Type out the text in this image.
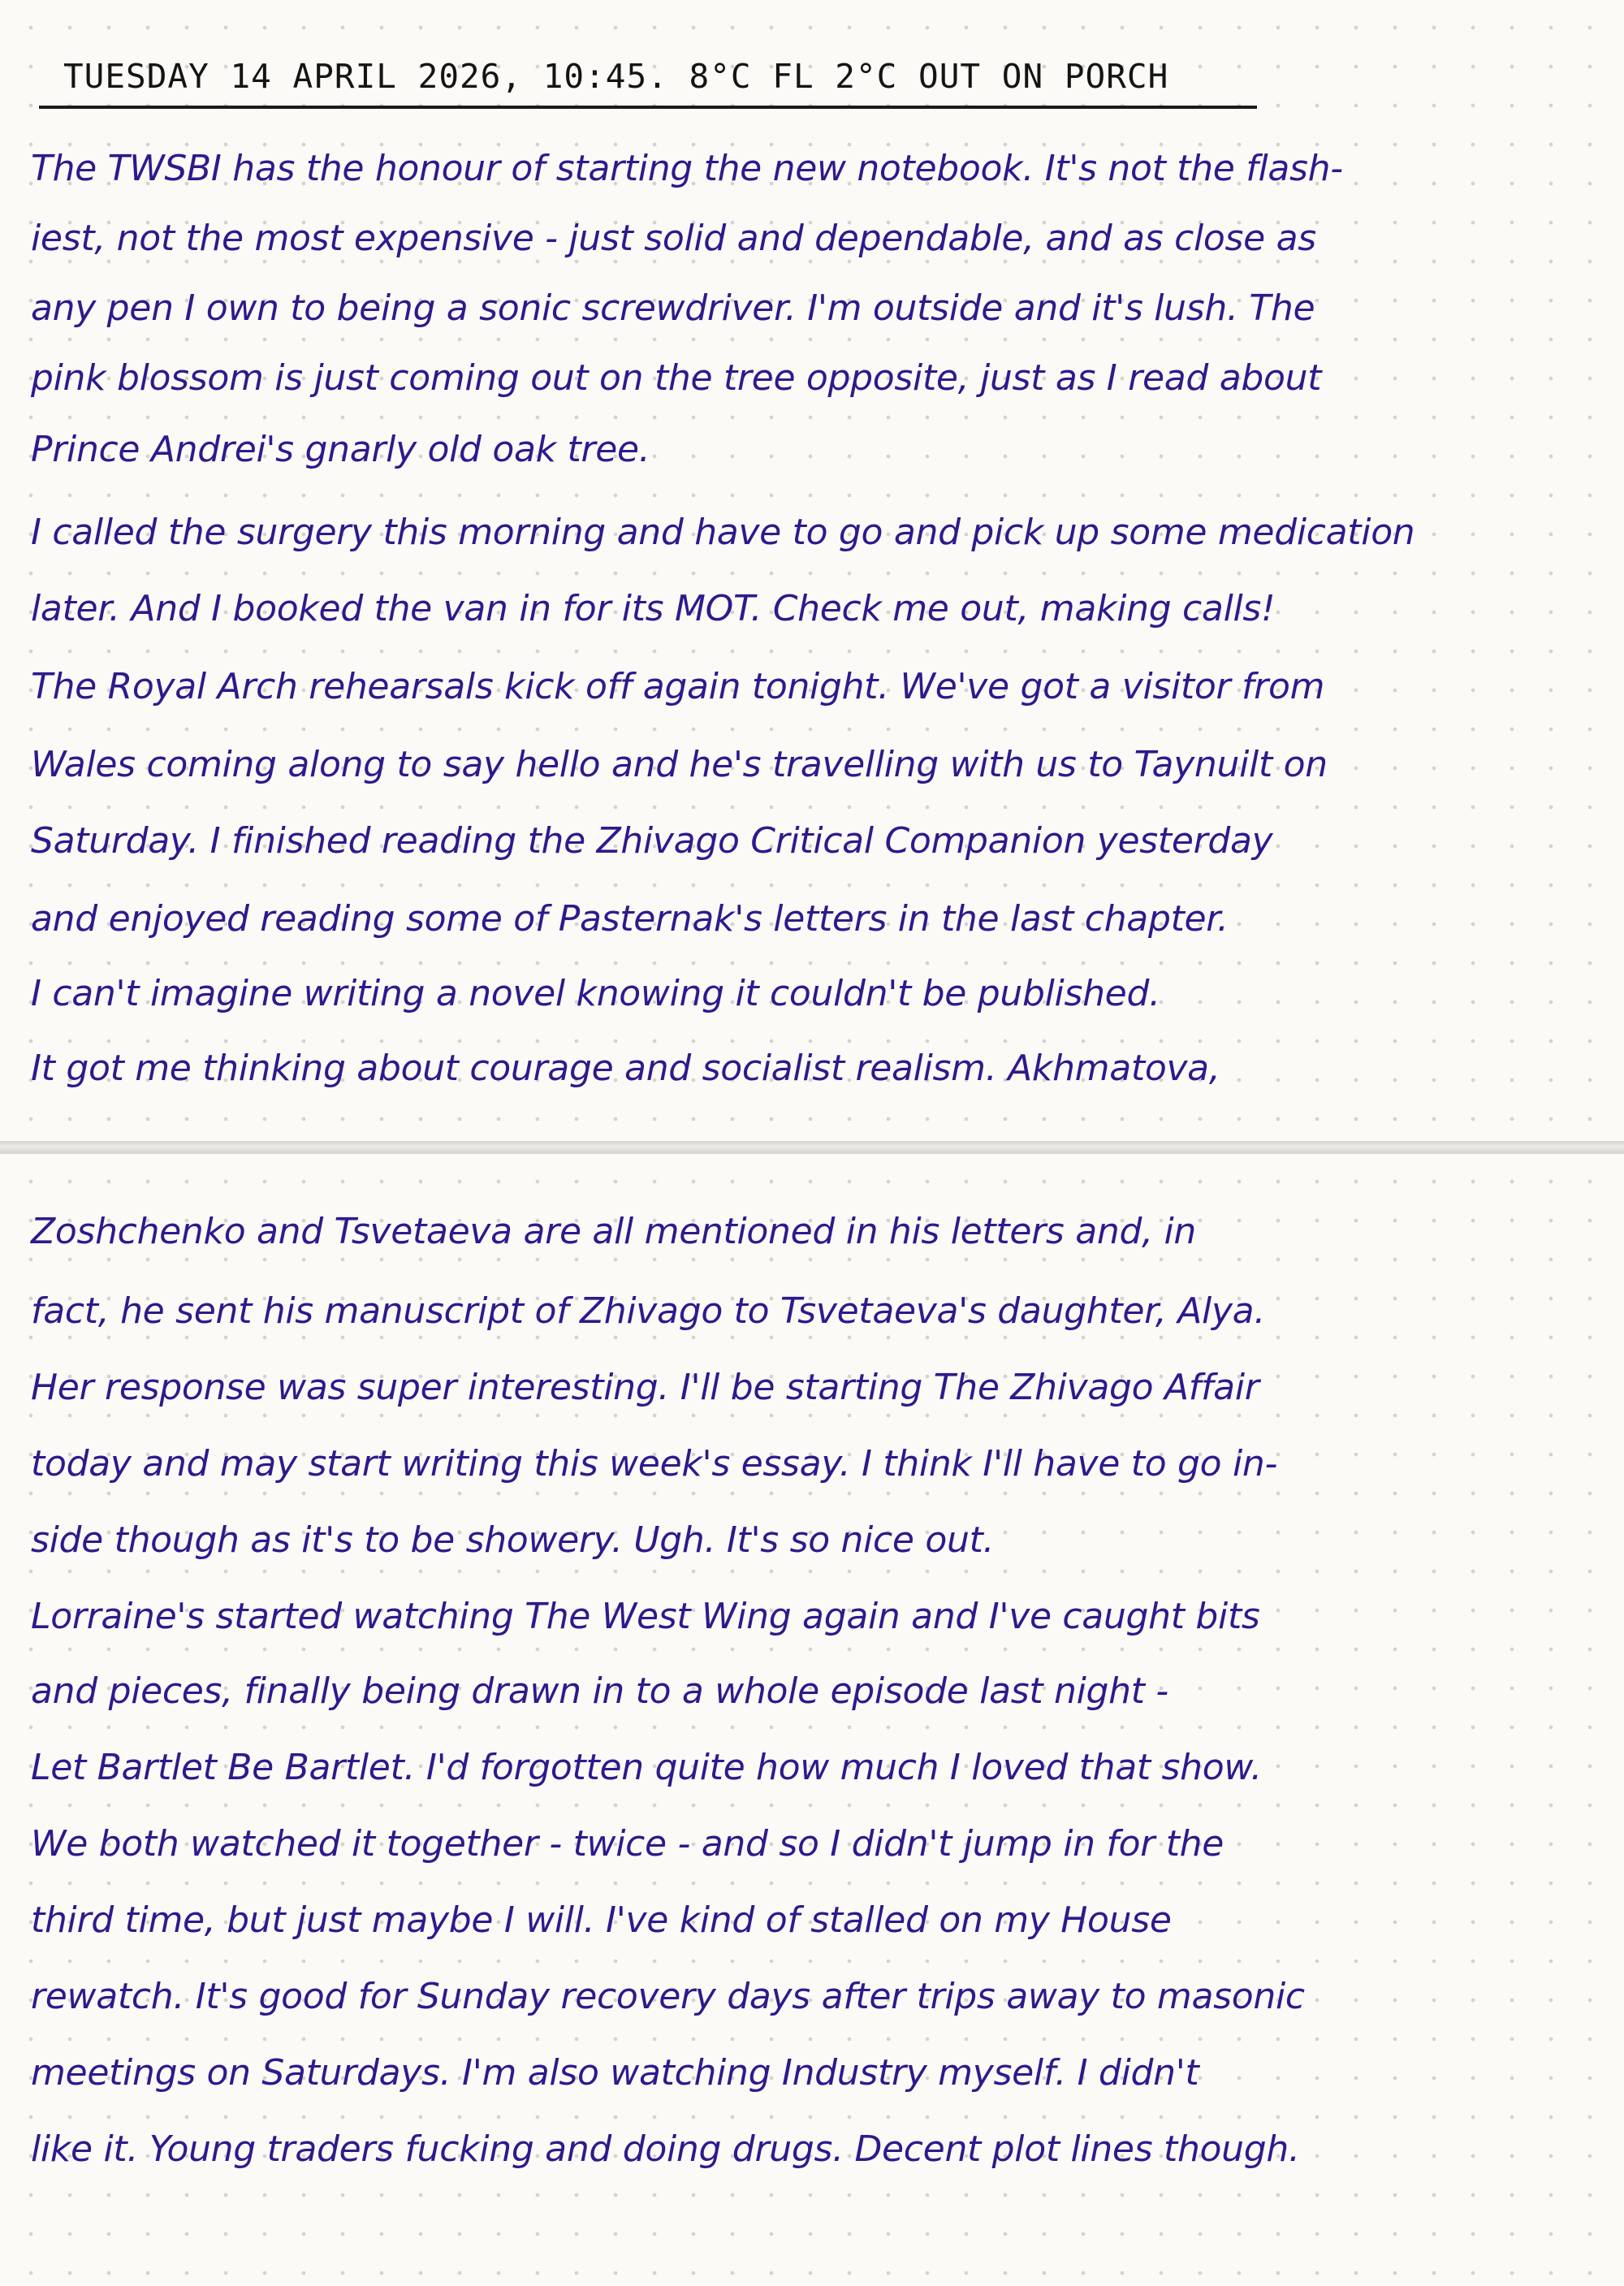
TUESDAY 14 APRIL 2026, 10:45. 8°C FL 2°C OUT ON PORCH
The TWSBI has the honour of starting the new notebook. It's not the flash-
iest, not the most expensive - just solid and dependable, and as close as
any pen I own to being a sonic screwdriver. I'm outside and it's lush. The
pink blossom is just coming out on the tree opposite, just as I read about
Prince Andrei's gnarly old oak tree.
I called the surgery this morning and have to go and pick up some medication
later. And I booked the van in for its MOT. Check me out, making calls!
The Royal Arch rehearsals kick off again tonight. We've got a visitor from
Wales coming along to say hello and he's travelling with us to Taynuilt on
Saturday. I finished reading the Zhivago Critical Companion yesterday
and enjoyed reading some of Pasternak's letters in the last chapter.
I can't imagine writing a novel knowing it couldn't be published.
It got me thinking about courage and socialist realism. Akhmatova,
Zoshchenko and Tsvetaeva are all mentioned in his letters and, in
fact, he sent his manuscript of Zhivago to Tsvetaeva's daughter, Alya.
Her response was super interesting. I'll be starting The Zhivago Affair
today and may start writing this week's essay. I think I'll have to go in-
side though as it's to be showery. Ugh. It's so nice out.
Lorraine's started watching The West Wing again and I've caught bits
and pieces, finally being drawn in to a whole episode last night -
Let Bartlet Be Bartlet. I'd forgotten quite how much I loved that show.
We both watched it together - twice - and so I didn't jump in for the
third time, but just maybe I will. I've kind of stalled on my House
rewatch. It's good for Sunday recovery days after trips away to masonic
meetings on Saturdays. I'm also watching Industry myself. I didn't
like it. Young traders fucking and doing drugs. Decent plot lines though.
